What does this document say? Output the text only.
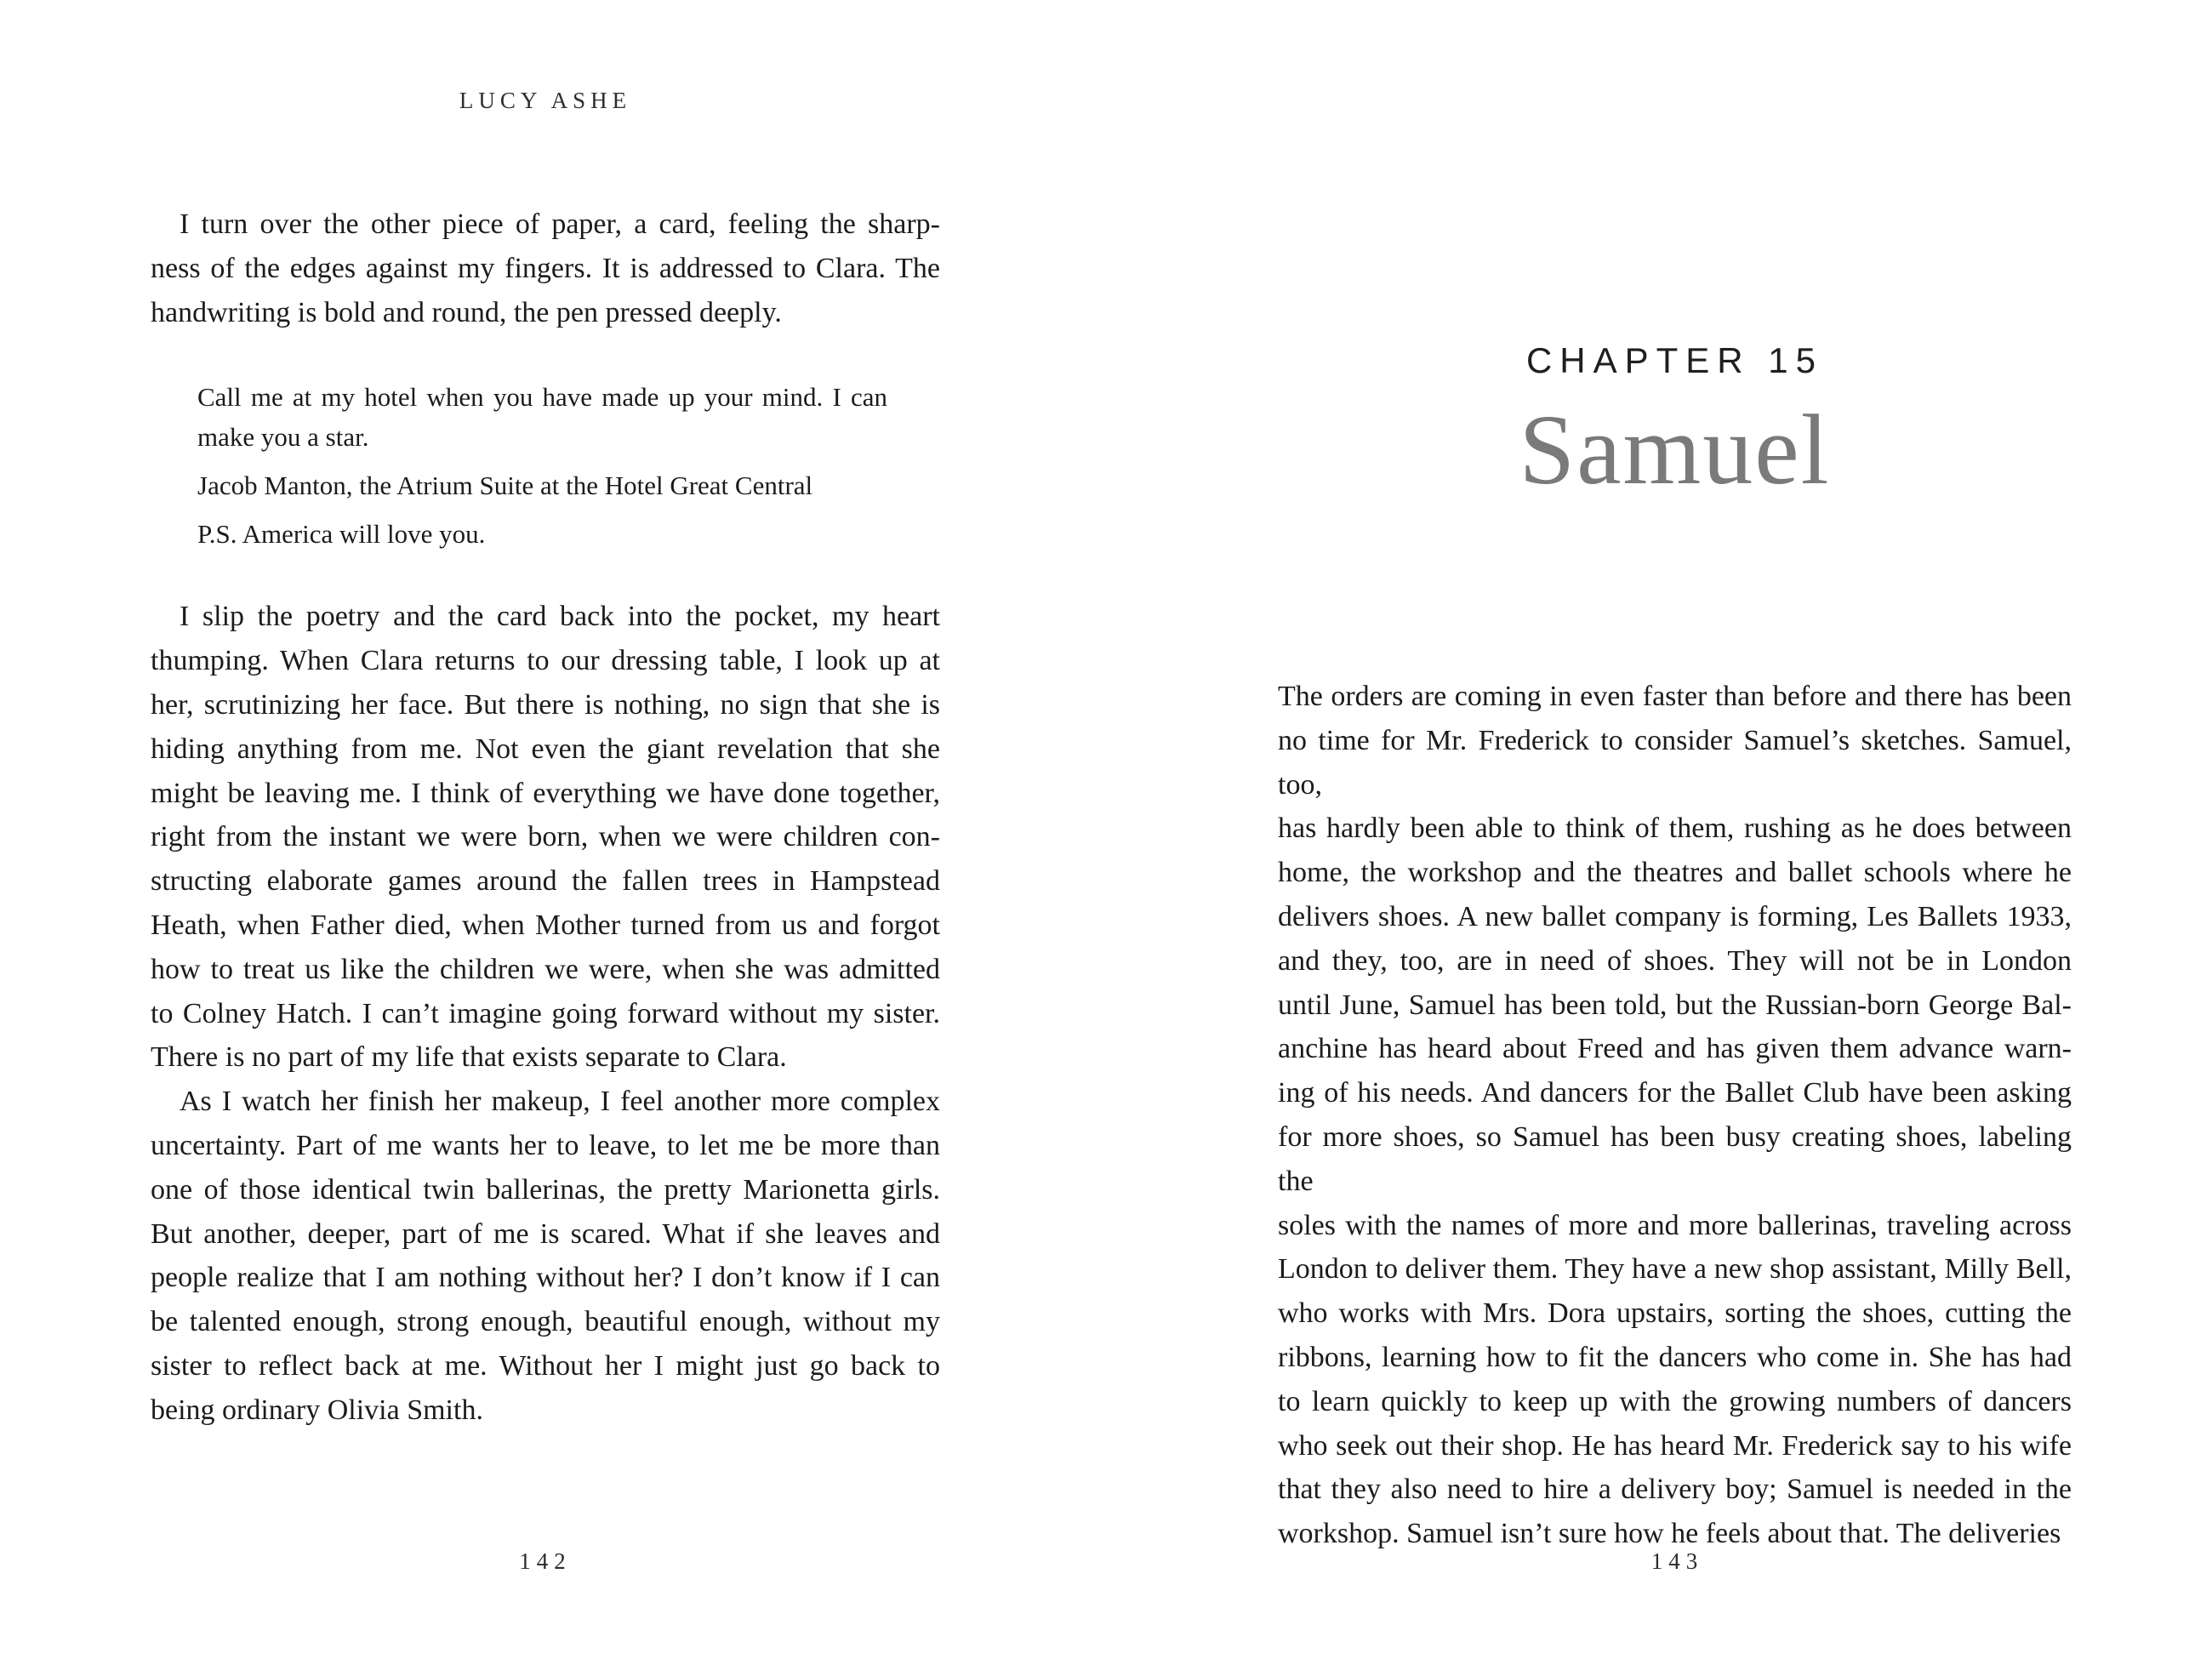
LUCY ASHE
I turn over the other piece of paper, a card, feeling the sharp-
ness of the edges against my fingers. It is addressed to Clara. The
handwriting is bold and round, the pen pressed deeply.
Call me at my hotel when you have made up your mind. I can
make you a star.
Jacob Manton, the Atrium Suite at the Hotel Great Central
P.S. America will love you.
I slip the poetry and the card back into the pocket, my heart
thumping. When Clara returns to our dressing table, I look up at
her, scrutinizing her face. But there is nothing, no sign that she is
hiding anything from me. Not even the giant revelation that she
might be leaving me. I think of everything we have done together,
right from the instant we were born, when we were children con-
structing elaborate games around the fallen trees in Hampstead
Heath, when Father died, when Mother turned from us and forgot
how to treat us like the children we were, when she was admitted
to Colney Hatch. I can’t imagine going forward without my sister.
There is no part of my life that exists separate to Clara.
As I watch her finish her makeup, I feel another more complex
uncertainty. Part of me wants her to leave, to let me be more than
one of those identical twin ballerinas, the pretty Marionetta girls.
But another, deeper, part of me is scared. What if she leaves and
people realize that I am nothing without her? I don’t know if I can
be talented enough, strong enough, beautiful enough, without my
sister to reflect back at me. Without her I might just go back to
being ordinary Olivia Smith.
142
CHAPTER 15
Samuel
The orders are coming in even faster than before and there has been
no time for Mr. Frederick to consider Samuel’s sketches. Samuel, too,
has hardly been able to think of them, rushing as he does between
home, the workshop and the theatres and ballet schools where he
delivers shoes. A new ballet company is forming, Les Ballets 1933,
and they, too, are in need of shoes. They will not be in London
until June, Samuel has been told, but the Russian-born George Bal-
anchine has heard about Freed and has given them advance warn-
ing of his needs. And dancers for the Ballet Club have been asking
for more shoes, so Samuel has been busy creating shoes, labeling the
soles with the names of more and more ballerinas, traveling across
London to deliver them. They have a new shop assistant, Milly Bell,
who works with Mrs. Dora upstairs, sorting the shoes, cutting the
ribbons, learning how to fit the dancers who come in. She has had
to learn quickly to keep up with the growing numbers of dancers
who seek out their shop. He has heard Mr. Frederick say to his wife
that they also need to hire a delivery boy; Samuel is needed in the
workshop. Samuel isn’t sure how he feels about that. The deliveries
143
